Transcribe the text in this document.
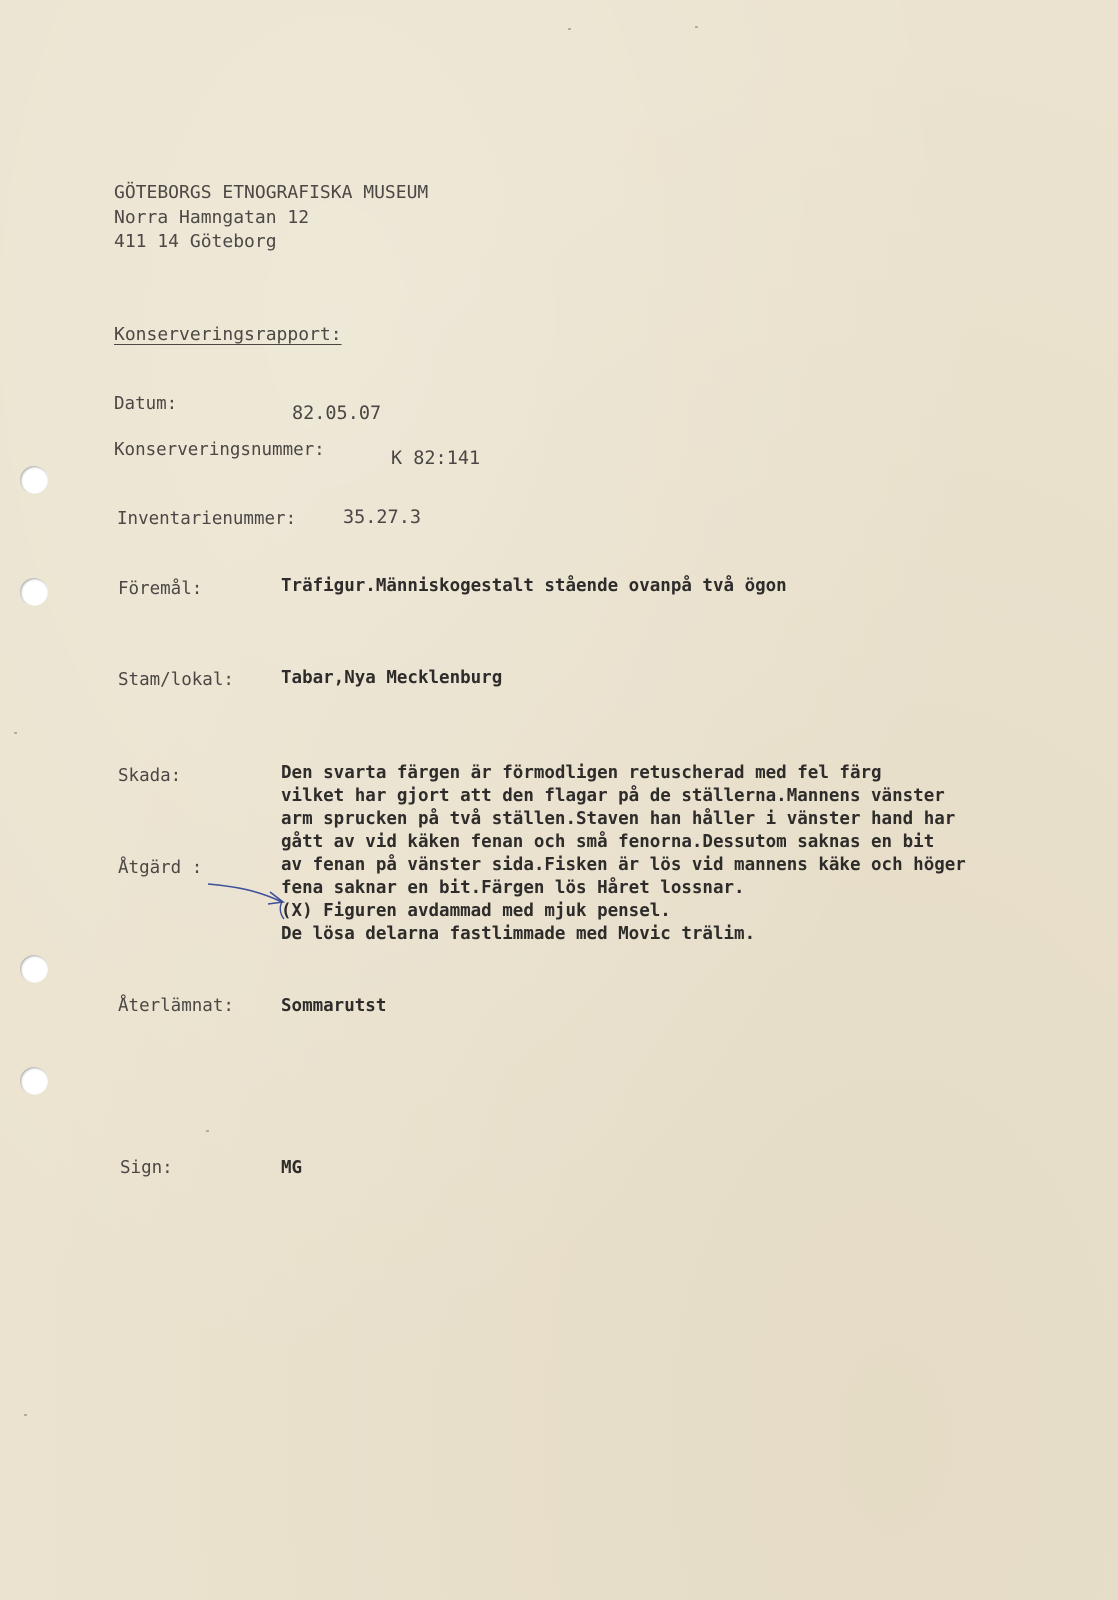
GÖTEBORGS ETNOGRAFISKA MUSEUM
Norra Hamngatan 12
411 14 Göteborg
Konserveringsrapport:
Datum:	82.05.07
Konserveringsnummer:	K 82:141
Inventarienummer:	35.27.3
Föremål:	Träfigur.Människogestalt stående ovanpå två ögon
Stam/lokal:	Tabar,Nya Mecklenburg
Skada:	Den svarta färgen är förmodligen retuscherad med fel färg
vilket har gjort att den flagar på de ställerna.Mannens vänster
arm sprucken på två ställen.Staven han håller i vänster hand har
gått av vid käken fenan och små fenorna.Dessutom saknas en bit
av fenan på vänster sida.Fisken är lös vid mannens käke och höger
fena saknar en bit.Färgen lös Håret lossnar.
Åtgärd :
(X) Figuren avdammad med mjuk pensel.
De lösa delarna fastlimmade med Movic trälim.
Återlämnat:	Sommarutst
Sign:	MG
